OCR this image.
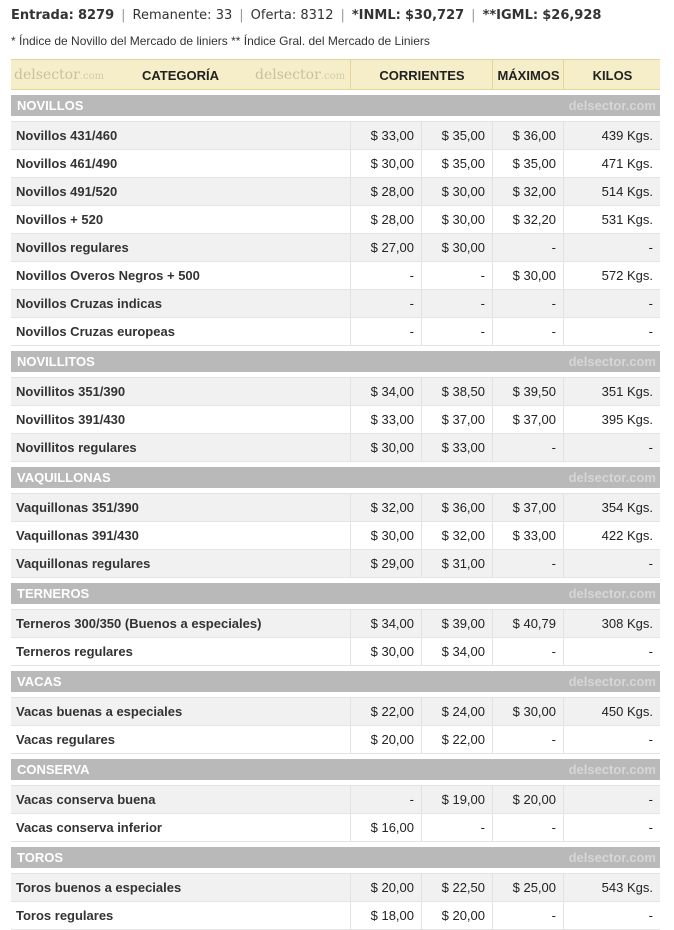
Entrada:
8279 | Remanente:
33 | Oferta:
8312 | *INML:
$30,727 | **IGML:
$26,928
* Índice de Novillo del Mercado de liniers ** Índice Gral. del Mercado de Liniers
delsector.com	CATEGORÍA	delsector.com	CORRIENTES	MÁXIMOS	KILOS
NOVILLOS	delsector.com
Novillos 431/460	$ 33,00	$ 35,00	$ 36,00	439 Kgs.
Novillos 461/490	$ 30,00	$ 35,00	$ 35,00	471 Kgs.
Novillos 491/520	$ 28,00	$ 30,00	$ 32,00	514 Kgs.
Novillos + 520	$ 28,00	$ 30,00	$ 32,20	531 Kgs.
Novillos regulares	$ 27,00	$ 30,00	-	-
Novillos Overos Negros + 500	-	-	$ 30,00	572 Kgs.
Novillos Cruzas indicas	-	-	-	-
Novillos Cruzas europeas	-	-	-	-
NOVILLITOS	delsector.com
Novillitos 351/390	$ 34,00	$ 38,50	$ 39,50	351 Kgs.
Novillitos 391/430	$ 33,00	$ 37,00	$ 37,00	395 Kgs.
Novillitos regulares	$ 30,00	$ 33,00	-	-
VAQUILLONAS	delsector.com
Vaquillonas 351/390	$ 32,00	$ 36,00	$ 37,00	354 Kgs.
Vaquillonas 391/430	$ 30,00	$ 32,00	$ 33,00	422 Kgs.
Vaquillonas regulares	$ 29,00	$ 31,00	-	-
TERNEROS	delsector.com
Terneros 300/350 (Buenos a especiales)	$ 34,00	$ 39,00	$ 40,79	308 Kgs.
Terneros regulares	$ 30,00	$ 34,00	-	-
VACAS	delsector.com
Vacas buenas a especiales	$ 22,00	$ 24,00	$ 30,00	450 Kgs.
Vacas regulares	$ 20,00	$ 22,00	-	-
CONSERVA	delsector.com
Vacas conserva buena	-	$ 19,00	$ 20,00	-
Vacas conserva inferior	$ 16,00	-	-	-
TOROS	delsector.com
Toros buenos a especiales	$ 20,00	$ 22,50	$ 25,00	543 Kgs.
Toros regulares	$ 18,00	$ 20,00	-	-
